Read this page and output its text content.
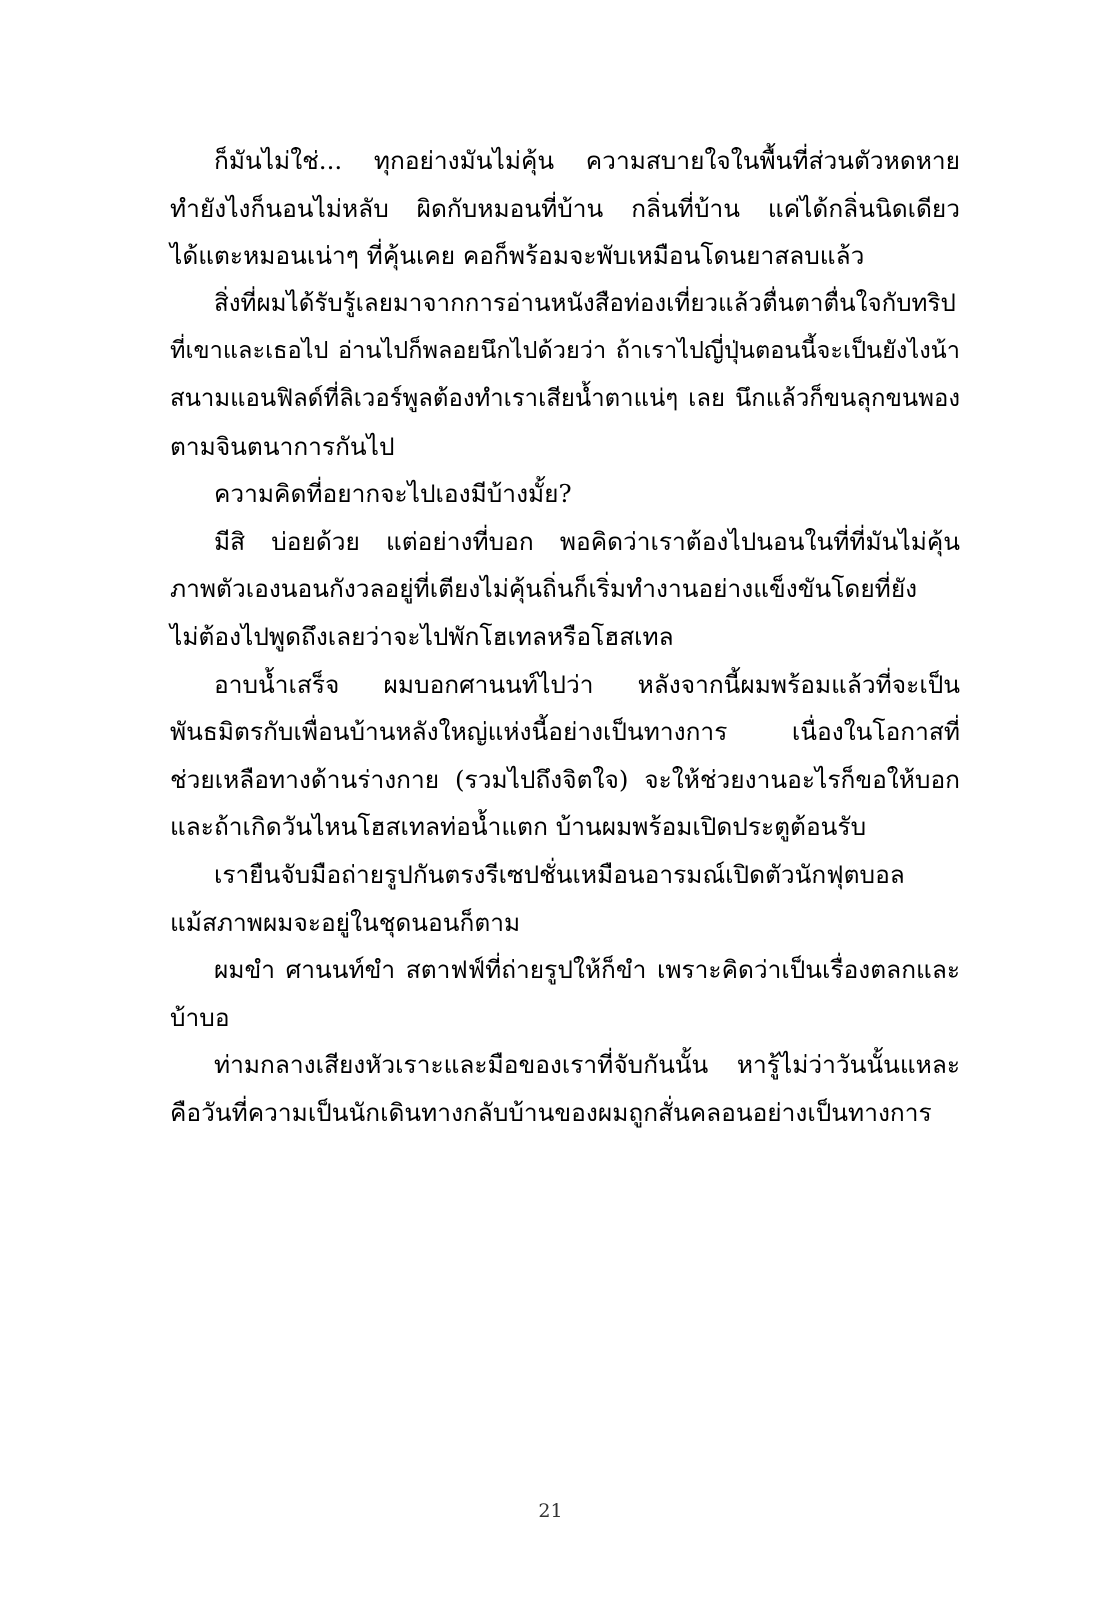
ก็มันไม่ใช่... ทุกอย่างมันไม่คุ้น ความสบายใจในพื้นที่ส่วนตัวหดหาย
ทำยังไงก็นอนไม่หลับ ผิดกับหมอนที่บ้าน กลิ่นที่บ้าน แค่ได้กลิ่นนิดเดียว
ได้แตะหมอนเน่าๆ ที่คุ้นเคย คอก็พร้อมจะพับเหมือนโดนยาสลบแล้ว
สิ่งที่ผมได้รับรู้เลยมาจากการอ่านหนังสือท่องเที่ยวแล้วตื่นตาตื่นใจกับทริป
ที่เขาและเธอไป อ่านไปก็พลอยนึกไปด้วยว่า ถ้าเราไปญี่ปุ่นตอนนี้จะเป็นยังไงน้า
สนามแอนฟิลด์ที่ลิเวอร์พูลต้องทำเราเสียน้ำตาแน่ๆ เลย นึกแล้วก็ขนลุกขนพอง
ตามจินตนาการกันไป
ความคิดที่อยากจะไปเองมีบ้างมั้ย?
มีสิ บ่อยด้วย แต่อย่างที่บอก พอคิดว่าเราต้องไปนอนในที่ที่มันไม่คุ้น
ภาพตัวเองนอนกังวลอยู่ที่เตียงไม่คุ้นถิ่นก็เริ่มทำงานอย่างแข็งขันโดยที่ยัง
ไม่ต้องไปพูดถึงเลยว่าจะไปพักโฮเทลหรือโฮสเทล
อาบน้ำเสร็จ ผมบอกศานนท์ไปว่า หลังจากนี้ผมพร้อมแล้วที่จะเป็น
พันธมิตรกับเพื่อนบ้านหลังใหญ่แห่งนี้อย่างเป็นทางการ เนื่องในโอกาสที่
ช่วยเหลือทางด้านร่างกาย (รวมไปถึงจิตใจ) จะให้ช่วยงานอะไรก็ขอให้บอก
และถ้าเกิดวันไหนโฮสเทลท่อน้ำแตก บ้านผมพร้อมเปิดประตูต้อนรับ
เรายืนจับมือถ่ายรูปกันตรงรีเซปชั่นเหมือนอารมณ์เปิดตัวนักฟุตบอล
แม้สภาพผมจะอยู่ในชุดนอนก็ตาม
ผมขำ ศานนท์ขำ สตาฟฟ์ที่ถ่ายรูปให้ก็ขำ เพราะคิดว่าเป็นเรื่องตลกและ
บ้าบอ
ท่ามกลางเสียงหัวเราะและมือของเราที่จับกันนั้น หารู้ไม่ว่าวันนั้นแหละ
คือวันที่ความเป็นนักเดินทางกลับบ้านของผมถูกสั่นคลอนอย่างเป็นทางการ
21
